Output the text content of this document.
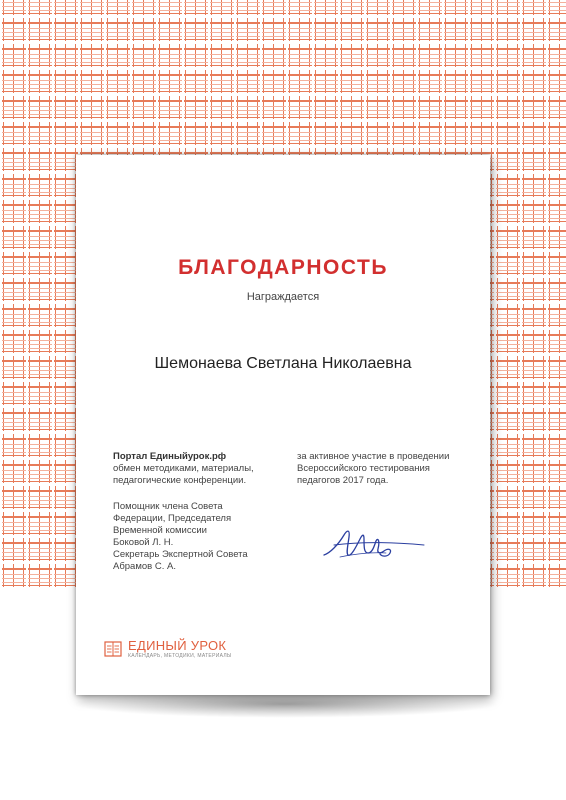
БЛАГОДАРНОСТЬ
Награждается
Шемонаева Светлана Николаевна
Портал Единыйурок.рф
обмен методиками, материалы,
педагогические конференции.
Помощник члена Совета
Федерации, Председателя
Временной комиссии
Боковой Л. Н.
Секретарь Экспертной Совета
Абрамов С. А.
за активное участие в проведении
Всероссийского тестирования
педагогов 2017 года.
ЕДИНЫЙ УРОК
КАЛЕНДАРЬ, МЕТОДИКИ, МАТЕРИАЛЫ
